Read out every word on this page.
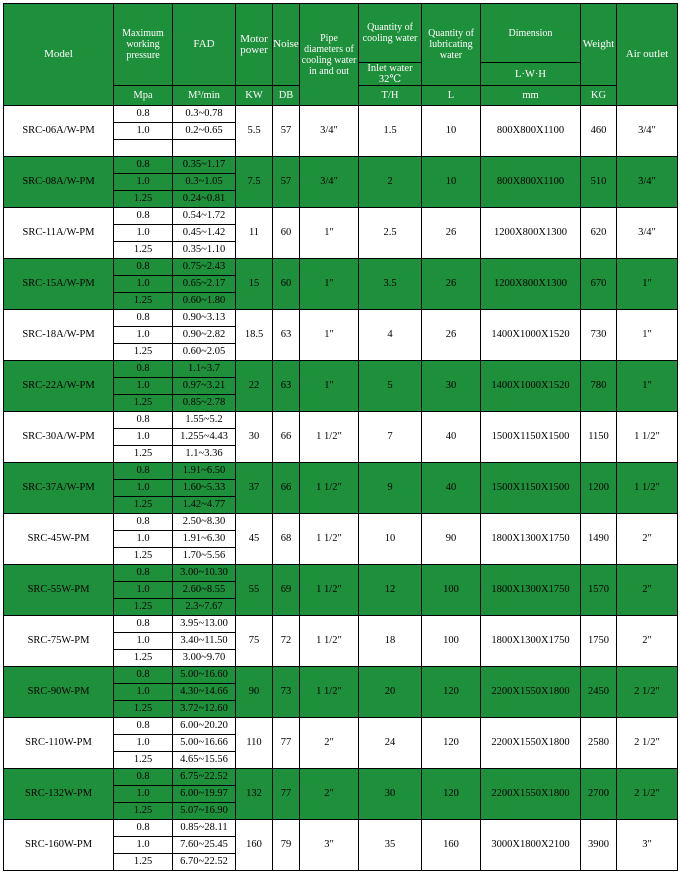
Model	Maximum working pressure	FAD	Motor power	Noise	Pipe diameters of cooling water in and out	Quantity of cooling water	Quantity of lubricating water	Dimension	Weight	Air outlet
						Inlet water 32℃		L·W·H		
	Mpa	M³/min	KW	DB		T/H	L	mm	KG	
SRC-06A/W-PM	0.8	0.3~0.78	5.5	57	3/4″	1.5	10	800X800X1100	460	3/4″
	1.0	0.2~0.65								

SRC-08A/W-PM	0.8	0.35~1.17	7.5	57	3/4″	2	10	800X800X1100	510	3/4″
	1.0	0.3~1.05								
	1.25	0.24~0.81								
SRC-11A/W-PM	0.8	0.54~1.72	11	60	1″	2.5	26	1200X800X1300	620	3/4″
	1.0	0.45~1.42								
	1.25	0.35~1.10								
SRC-15A/W-PM	0.8	0.75~2.43	15	60	1″	3.5	26	1200X800X1300	670	1″
	1.0	0.65~2.17								
	1.25	0.60~1.80								
SRC-18A/W-PM	0.8	0.90~3.13	18.5	63	1″	4	26	1400X1000X1520	730	1″
	1.0	0.90~2.82								
	1.25	0.60~2.05								
SRC-22A/W-PM	0.8	1.1~3.7	22	63	1″	5	30	1400X1000X1520	780	1″
	1.0	0.97~3.21								
	1.25	0.85~2.78								
SRC-30A/W-PM	0.8	1.55~5.2	30	66	1 1/2″	7	40	1500X1150X1500	1150	1 1/2″
	1.0	1.255~4.43								
	1.25	1.1~3.36								
SRC-37A/W-PM	0.8	1.91~6.50	37	66	1 1/2″	9	40	1500X1150X1500	1200	1 1/2″
	1.0	1.60~5.33								
	1.25	1.42~4.77								
SRC-45W-PM	0.8	2.50~8.30	45	68	1 1/2″	10	90	1800X1300X1750	1490	2″
	1.0	1.91~6.30								
	1.25	1.70~5.56								
SRC-55W-PM	0.8	3.00~10.30	55	69	1 1/2″	12	100	1800X1300X1750	1570	2″
	1.0	2.60~8.55								
	1.25	2.3~7.67								
SRC-75W-PM	0.8	3.95~13.00	75	72	1 1/2″	18	100	1800X1300X1750	1750	2″
	1.0	3.40~11.50								
	1.25	3.00~9.70								
SRC-90W-PM	0.8	5.00~16.60	90	73	1 1/2″	20	120	2200X1550X1800	2450	2 1/2″
	1.0	4.30~14.66								
	1.25	3.72~12.60								
SRC-110W-PM	0.8	6.00~20.20	110	77	2″	24	120	2200X1550X1800	2580	2 1/2″
	1.0	5.00~16.66								
	1.25	4.65~15.56								
SRC-132W-PM	0.8	6.75~22.52	132	77	2″	30	120	2200X1550X1800	2700	2 1/2″
	1.0	6.00~19.97								
	1.25	5.07~16.90								
SRC-160W-PM	0.8	0.85~28.11	160	79	3″	35	160	3000X1800X2100	3900	3″
	1.0	7.60~25.45								
	1.25	6.70~22.52								
